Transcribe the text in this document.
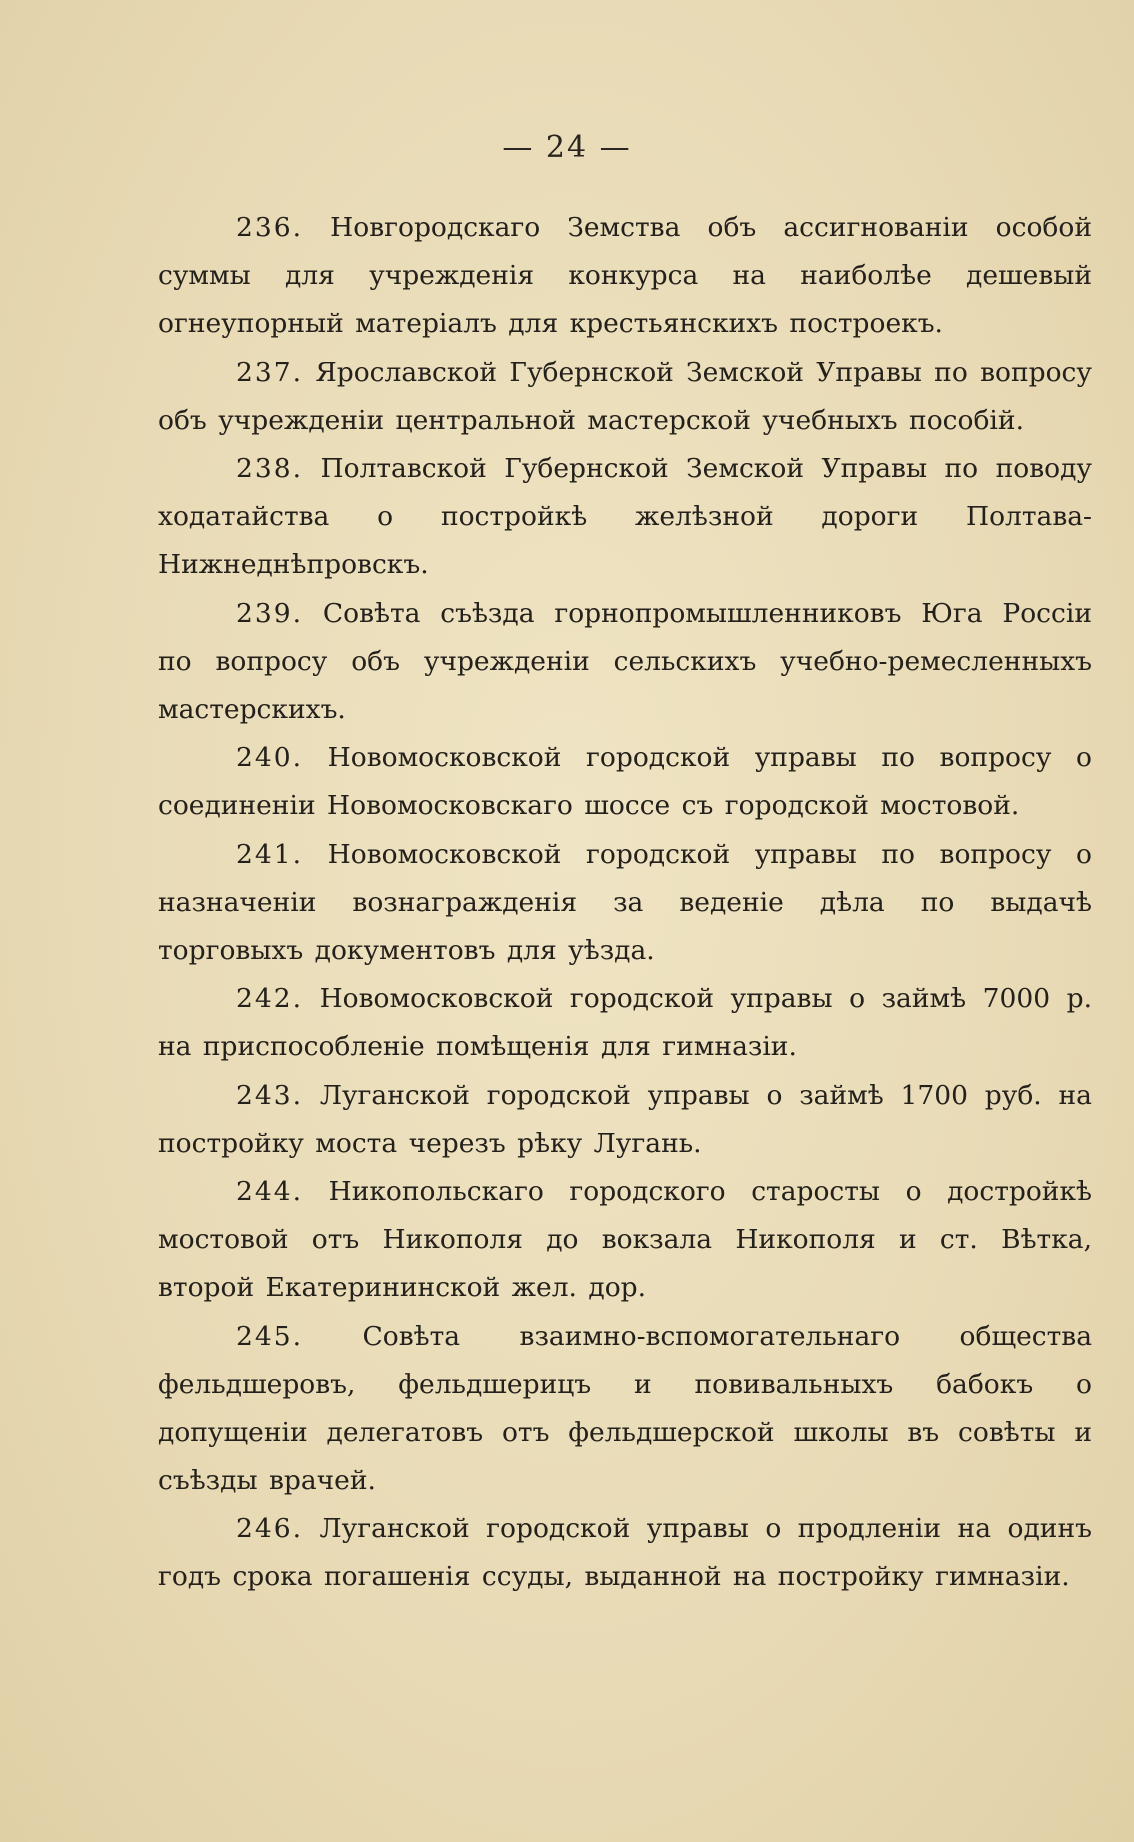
— 24 —

236. Новгородскаго Земства объ ассигнованіи особой суммы для учрежденія конкурса на наиболѣе дешевый огнеупорный матеріалъ для крестьянскихъ построекъ.

237. Ярославской Губернской Земской Управы по вопросу объ учрежденіи центральной мастерской учебныхъ пособій.

238. Полтавской Губернской Земской Управы по поводу ходатайства о постройкѣ желѣзной дороги Полтава-Нижнеднѣпровскъ.

239. Совѣта съѣзда горнопромышленниковъ Юга Россіи по вопросу объ учрежденіи сельскихъ учебно-ремесленныхъ мастерскихъ.

240. Новомосковской городской управы по вопросу о соединеніи Новомосковскаго шоссе съ городской мостовой.

241. Новомосковской городской управы по вопросу о назначеніи вознагражденія за веденіе дѣла по выдачѣ торговыхъ документовъ для уѣзда.

242. Новомосковской городской управы о займѣ 7000 р. на приспособленіе помѣщенія для гимназіи.

243. Луганской городской управы о займѣ 1700 руб. на постройку моста черезъ рѣку Лугань.

244. Никопольскаго городского старосты о достройкѣ мостовой отъ Никополя до вокзала Никополя и ст. Вѣтка, второй Екатерининской жел. дор.

245. Совѣта взаимно-вспомогательнаго общества фельдшеровъ, фельдшерицъ и повивальныхъ бабокъ о допущеніи делегатовъ отъ фельдшерской школы въ совѣты и съѣзды врачей.

246. Луганской городской управы о продленіи на одинъ годъ срока погашенія ссуды, выданной на постройку гимназіи.
